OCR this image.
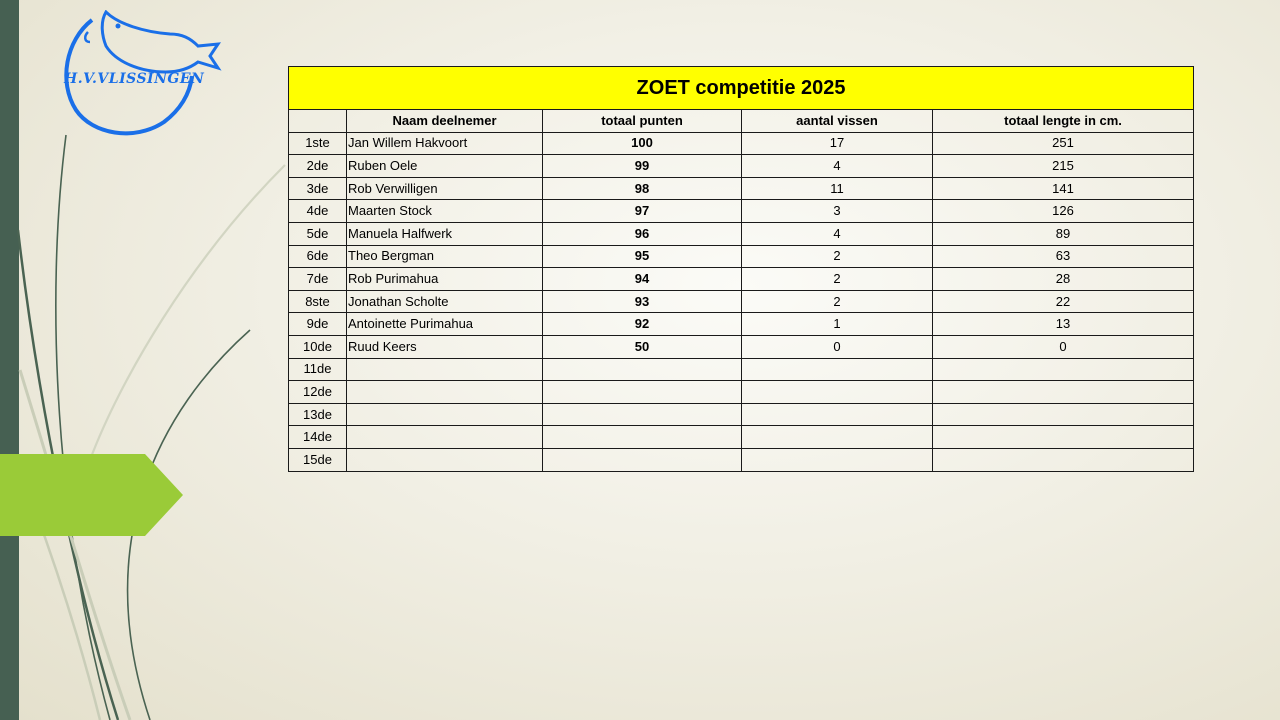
H.V.VLISSINGEN	ZOET competitie 2025				
	Naam deelnemer	totaal punten	aantal vissen	totaal lengte in cm.
1ste	Jan Willem Hakvoort	100	17	251
2de	Ruben Oele	99	4	215
3de	Rob Verwilligen	98	11	141
4de	Maarten Stock	97	3	126
5de	Manuela Halfwerk	96	4	89
6de	Theo Bergman	95	2	63
7de	Rob Purimahua	94	2	28
8ste	Jonathan Scholte	93	2	22
9de	Antoinette Purimahua	92	1	13
10de	Ruud Keers	50	0	0
11de				
12de				
13de				
14de				
15de				
